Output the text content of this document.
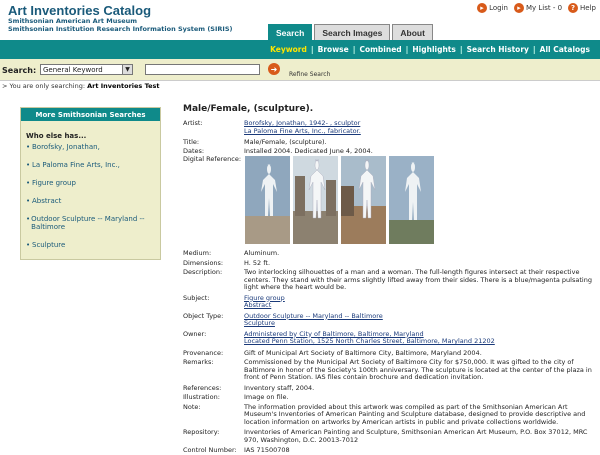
Art Inventories Catalog
Smithsonian American Art Museum
Smithsonian Institution Research Information System (SIRIS)
▸ Login	▸ My List - 0	? Help
Search	Search Images	About
Keyword | Browse | Combined | Highlights | Search History | All Catalogs
Search: General Keyword	▼	➜
Refine Search
> You are only searching: Art Inventories Test
More Smithsonian Searches
Who else has...
• Borofsky, Jonathan,
• La Paloma Fine Arts, Inc.,
• Figure group
• Abstract
• Outdoor Sculpture -- Maryland -- Baltimore
• Sculpture
Male/Female, (sculpture).
Artist:	Borofsky, Jonathan, 1942- , sculptor
La Paloma Fine Arts, Inc., fabricator.
Title:	Male/Female, (sculpture).
Dates:	Installed 2004. Dedicated June 4, 2004.
Digital Reference:
Medium:	Aluminum.
Dimensions:	H. 52 ft.
Description:	Two interlocking silhouettes of a man and a woman. The full-length figures intersect at their respective centers. They stand with their arms slightly lifted away from their sides. There is a blue/magenta pulsating light where the heart would be.
Subject:	Figure group
Abstract
Object Type:	Outdoor Sculpture -- Maryland -- Baltimore
Sculpture
Owner:	Administered by City of Baltimore, Baltimore, Maryland
Located Penn Station, 1525 North Charles Street, Baltimore, Maryland 21202
Provenance:	Gift of Municipal Art Society of Baltimore City, Baltimore, Maryland 2004.
Remarks:	Commissioned by the Municipal Art Society of Baltimore City for $750,000. It was gifted to the city of Baltimore in honor of the Society's 100th anniversary. The sculpture is located at the center of the plaza in front of Penn Station. IAS files contain brochure and dedication invitation.
References:	Inventory staff, 2004.
Illustration:	Image on file.
Note:	The information provided about this artwork was compiled as part of the Smithsonian American Art Museum's Inventories of American Painting and Sculpture database, designed to provide descriptive and location information on artworks by American artists in public and private collections worldwide.
Repository:	Inventories of American Painting and Sculpture, Smithsonian American Art Museum, P.O. Box 37012, MRC 970, Washington, D.C. 20013-7012
Control Number:	IAS 71500708
